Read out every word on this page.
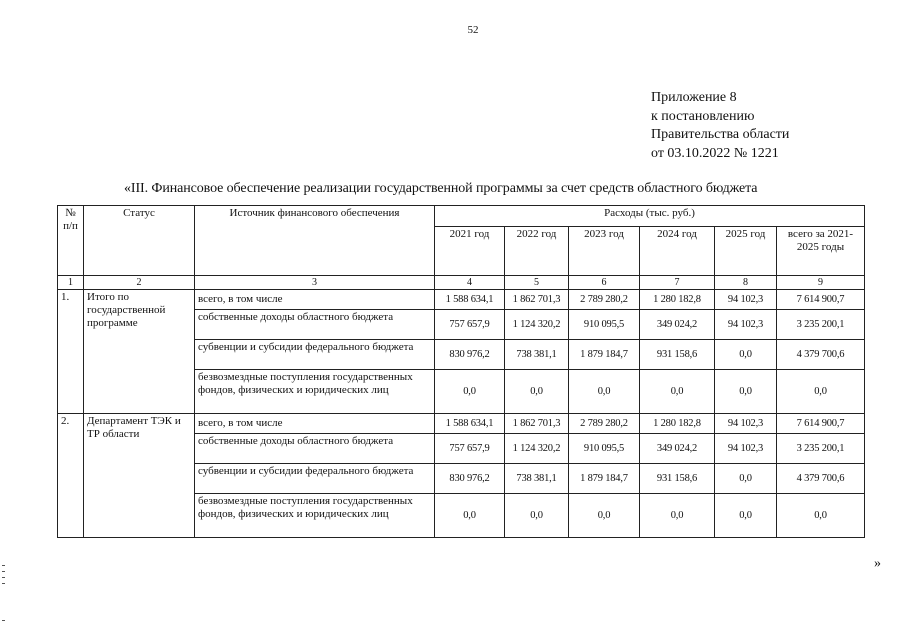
52
Приложение 8
к постановлению
Правительства области
от 03.10.2022 № 1221
«III. Финансовое обеспечение реализации государственной программы за счет средств областного бюджета
№ п/п	Статус	Источник финансового обеспечения	Расходы (тыс. руб.)					
			2021 год	2022 год	2023 год	2024 год	2025 год	всего за 2021-2025 годы
1	2	3	4	5	6	7	8	9
1.	Итого по государственной программе	всего, в том числе	1 588 634,1	1 862 701,3	2 789 280,2	1 280 182,8	94 102,3	7 614 900,7
		собственные доходы областного бюджета	757 657,9	1 124 320,2	910 095,5	349 024,2	94 102,3	3 235 200,1
		субвенции и субсидии федерального бюджета	830 976,2	738 381,1	1 879 184,7	931 158,6	0,0	4 379 700,6
		безвозмездные поступления государственных фондов, физических и юридических лиц	0,0	0,0	0,0	0,0	0,0	0,0
2.	Департамент ТЭК и ТР области	всего, в том числе	1 588 634,1	1 862 701,3	2 789 280,2	1 280 182,8	94 102,3	7 614 900,7
		собственные доходы областного бюджета	757 657,9	1 124 320,2	910 095,5	349 024,2	94 102,3	3 235 200,1
		субвенции и субсидии федерального бюджета	830 976,2	738 381,1	1 879 184,7	931 158,6	0,0	4 379 700,6
		безвозмездные поступления государственных фондов, физических и юридических лиц	0,0	0,0	0,0	0,0	0,0	0,0
»
